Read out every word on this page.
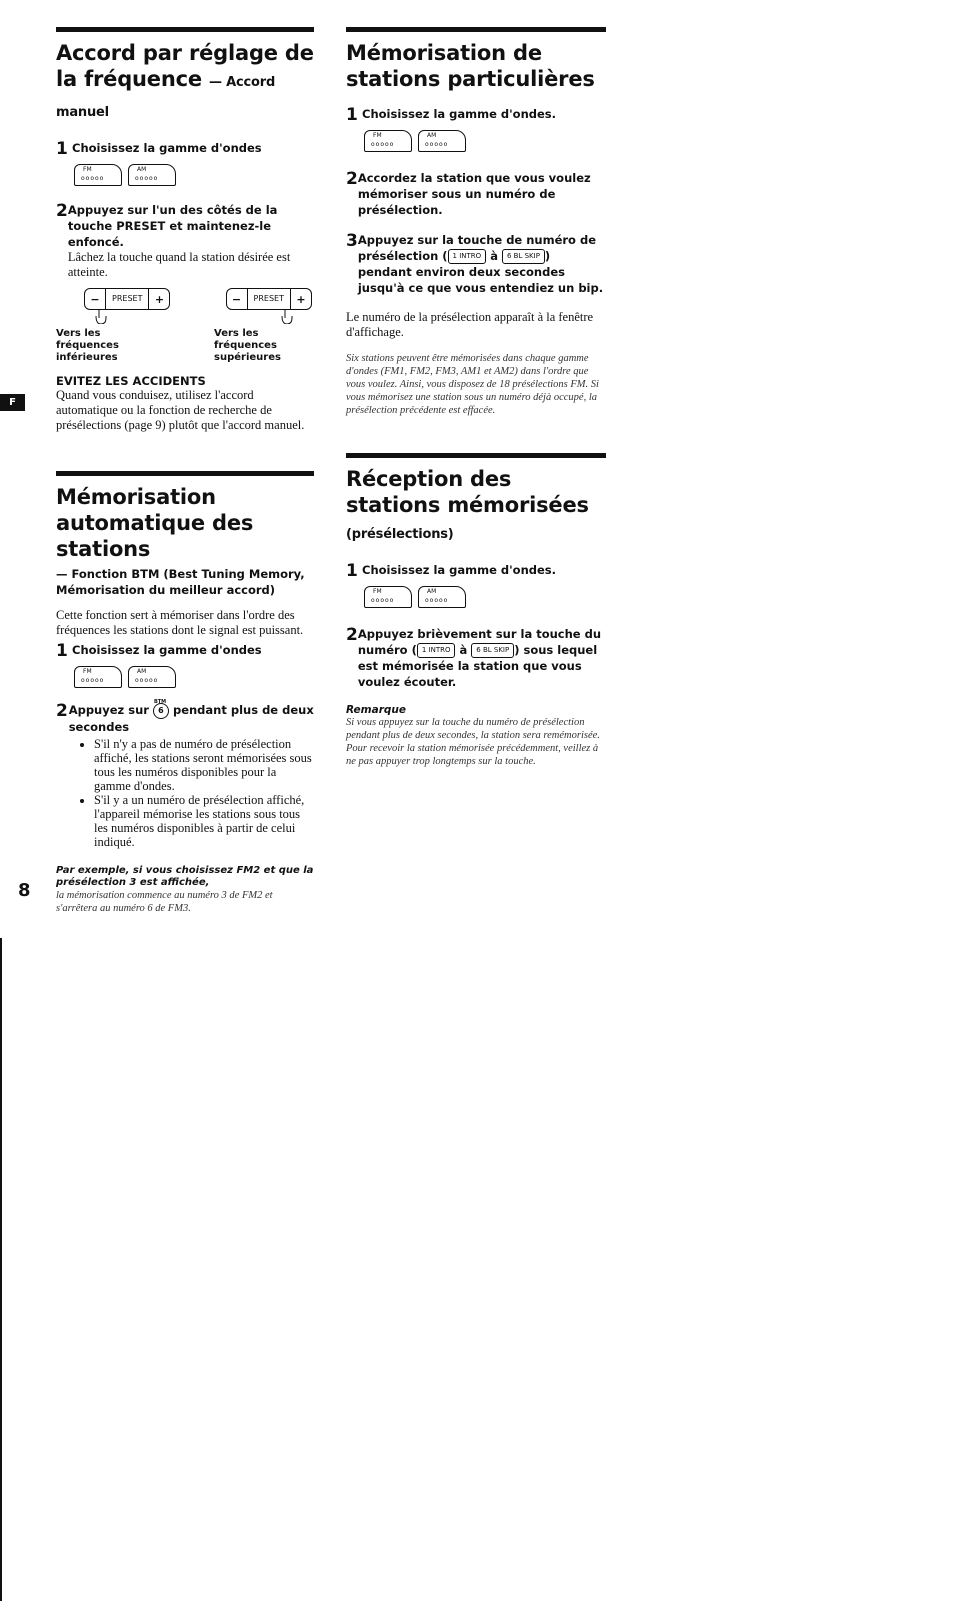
F
8
Accord par réglage de la fréquence — Accord manuel
1 Choisissez la gamme d'ondes
FM
ooooo
AM
ooooo
2 Appuyez sur l'un des côtés de la touche PRESET et maintenez-le enfoncé.
Lâchez la touche quand la station désirée est atteinte.
−	PRESET	+	−	PRESET	+
Vers les fréquences inférieures
Vers les fréquences supérieures
EVITEZ LES ACCIDENTS
Quand vous conduisez, utilisez l'accord automatique ou la fonction de recherche de présélections (page 9) plutôt que l'accord manuel.
Mémorisation automatique des stations
— Fonction BTM (Best Tuning Memory, Mémorisation du meilleur accord)
Cette fonction sert à mémoriser dans l'ordre des fréquences les stations dont le signal est puissant.
1 Choisissez la gamme d'ondes
FM
ooooo
AM
ooooo
2 Appuyez sur 6
BTM
pendant plus de deux secondes
• S'il n'y a pas de numéro de présélection affiché, les stations seront mémorisées sous tous les numéros disponibles pour la gamme d'ondes.
• S'il y a un numéro de présélection affiché, l'appareil mémorise les stations sous tous les numéros disponibles à partir de celui indiqué.
Par exemple, si vous choisissez FM2 et que la présélection 3 est affichée,
la mémorisation commence au numéro 3 de FM2 et s'arrêtera au numéro 6 de FM3.
Mémorisation de stations particulières
1 Choisissez la gamme d'ondes.
FM
ooooo
AM
ooooo
2 Accordez la station que vous voulez mémoriser sous un numéro de présélection.
3 Appuyez sur la touche de numéro de présélection ( 1 INTRO à 6 BL SKIP ) pendant environ deux secondes jusqu'à ce que vous entendiez un bip.
Le numéro de la présélection apparaît à la fenêtre d'affichage.
Six stations peuvent être mémorisées dans chaque gamme d'ondes (FM1, FM2, FM3, AM1 et AM2) dans l'ordre que vous voulez. Ainsi, vous disposez de 18 présélections FM. Si vous mémorisez une station sous un numéro déjà occupé, la présélection précédente est effacée.
Réception des stations mémorisées (présélections)
1 Choisissez la gamme d'ondes.
FM
ooooo
AM
ooooo
2 Appuyez brièvement sur la touche du numéro ( 1 INTRO à 6 BL SKIP ) sous lequel est mémorisée la station que vous voulez écouter.
Remarque
Si vous appuyez sur la touche du numéro de présélection pendant plus de deux secondes, la station sera remémorisée. Pour recevoir la station mémorisée précédemment, veillez à ne pas appuyer trop longtemps sur la touche.
